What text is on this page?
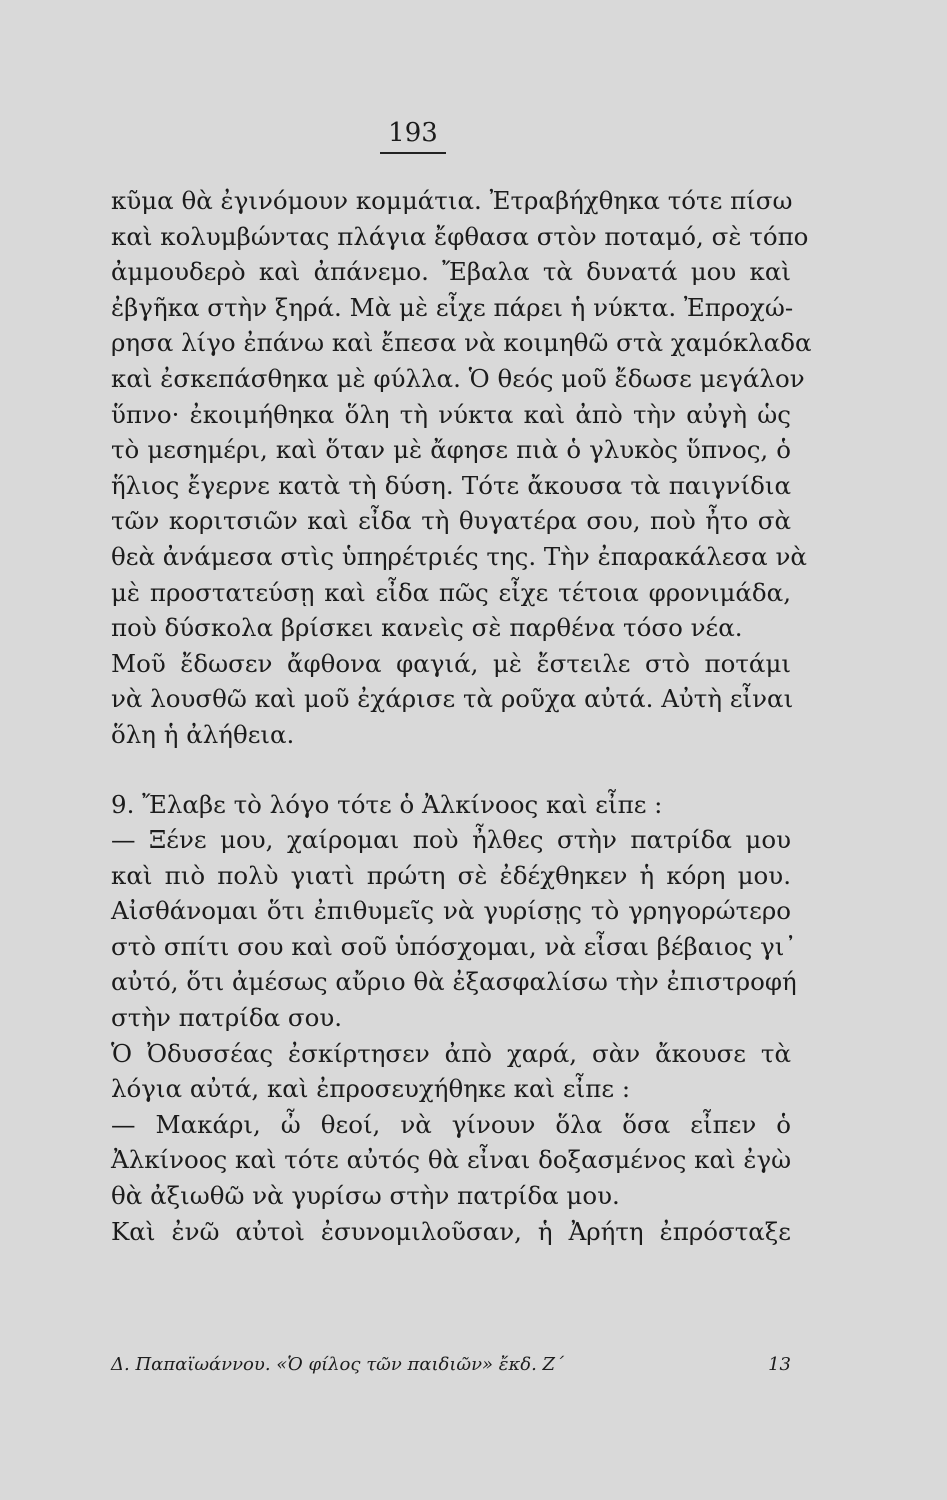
193
κῦμα θὰ ἐγινόμουν κομμάτια. Ἐτραβήχθηκα τότε πίσω
καὶ κολυμβώντας πλάγια ἔφθασα στὸν ποταμό, σὲ τόπο
ἀμμουδερὸ καὶ ἀπάνεμο. Ἔβαλα τὰ δυνατά μου καὶ
ἐβγῆκα στὴν ξηρά. Μὰ μὲ εἶχε πάρει ἡ νύκτα. Ἐπροχώ-
ρησα λίγο ἐπάνω καὶ ἔπεσα νὰ κοιμηθῶ στὰ χαμόκλαδα
καὶ ἐσκεπάσθηκα μὲ φύλλα. Ὁ θεός μοῦ ἔδωσε μεγάλον
ὕπνο· ἐκοιμήθηκα ὅλη τὴ νύκτα καὶ ἀπὸ τὴν αὐγὴ ὡς
τὸ μεσημέρι, καὶ ὅταν μὲ ἄφησε πιὰ ὁ γλυκὸς ὕπνος, ὁ
ἥλιος ἔγερνε κατὰ τὴ δύση. Τότε ἄκουσα τὰ παιγνίδια
τῶν κοριτσιῶν καὶ εἶδα τὴ θυγατέρα σου, ποὺ ἦτο σὰ
θεὰ ἀνάμεσα στὶς ὑπηρέτριές της. Τὴν ἐπαρακάλεσα νὰ
μὲ προστατεύσῃ καὶ εἶδα πῶς εἶχε τέτοια φρονιμάδα,
ποὺ δύσκολα βρίσκει κανεὶς σὲ παρθένα τόσο νέα.
Μοῦ ἔδωσεν ἄφθονα φαγιά, μὲ ἔστειλε στὸ ποτάμι
νὰ λουσθῶ καὶ μοῦ ἐχάρισε τὰ ροῦχα αὐτά. Αὐτὴ εἶναι
ὅλη ἡ ἀλήθεια.
9. Ἔλαβε τὸ λόγο τότε ὁ Ἀλκίνοος καὶ εἶπε :
— Ξένε μου, χαίρομαι ποὺ ἦλθες στὴν πατρίδα μου
καὶ πιὸ πολὺ γιατὶ πρώτη σὲ ἐδέχθηκεν ἡ κόρη μου.
Αἰσθάνομαι ὅτι ἐπιθυμεῖς νὰ γυρίσῃς τὸ γρηγορώτερο
στὸ σπίτι σου καὶ σοῦ ὑπόσχομαι, νὰ εἶσαι βέβαιος γι᾿
αὐτό, ὅτι ἀμέσως αὔριο θὰ ἐξασφαλίσω τὴν ἐπιστροφή
στὴν πατρίδα σου.
Ὁ Ὀδυσσέας ἐσκίρτησεν ἀπὸ χαρά, σὰν ἄκουσε τὰ
λόγια αὐτά, καὶ ἐπροσευχήθηκε καὶ εἶπε :
— Μακάρι, ὦ θεοί, νὰ γίνουν ὅλα ὅσα εἶπεν ὁ
Ἀλκίνοος καὶ τότε αὐτός θὰ εἶναι δοξασμένος καὶ ἐγὼ
θὰ ἀξιωθῶ νὰ γυρίσω στὴν πατρίδα μου.
Καὶ ἐνῶ αὐτοὶ ἐσυνομιλοῦσαν, ἡ Ἀρήτη ἐπρόσταξε
Δ. Παπαϊωάννου. «Ὁ φίλος τῶν παιδιῶν» ἔκδ. Ζ΄	13
